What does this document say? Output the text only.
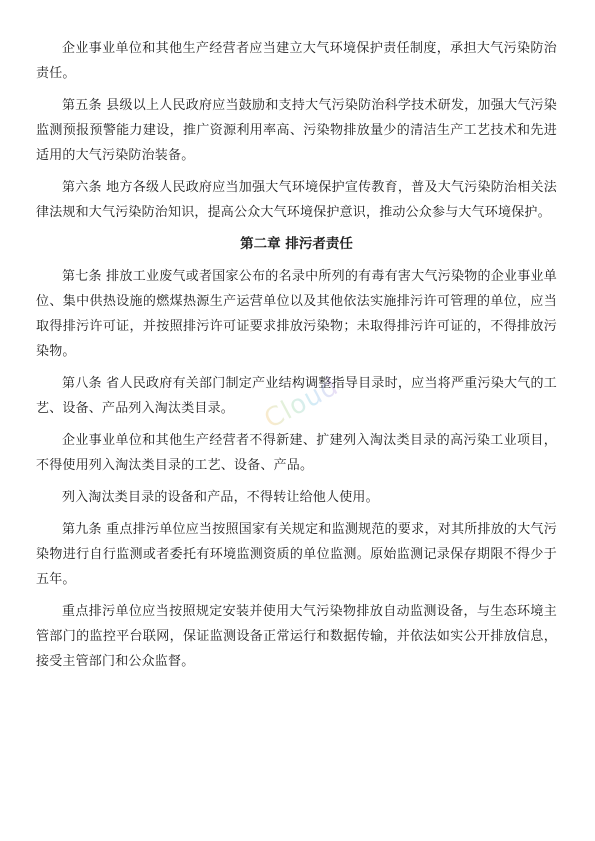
企业事业单位和其他生产经营者应当建立大气环境保护责任制度，承担大气污染防治责任。

第五条 县级以上人民政府应当鼓励和支持大气污染防治科学技术研发，加强大气污染监测预报预警能力建设，推广资源利用率高、污染物排放量少的清洁生产工艺技术和先进适用的大气污染防治装备。

第六条 地方各级人民政府应当加强大气环境保护宣传教育，普及大气污染防治相关法律法规和大气污染防治知识，提高公众大气环境保护意识，推动公众参与大气环境保护。

第二章 排污者责任

第七条 排放工业废气或者国家公布的名录中所列的有毒有害大气污染物的企业事业单位、集中供热设施的燃煤热源生产运营单位以及其他依法实施排污许可管理的单位，应当取得排污许可证，并按照排污许可证要求排放污染物；未取得排污许可证的，不得排放污染物。

第八条 省人民政府有关部门制定产业结构调整指导目录时，应当将严重污染大气的工艺、设备、产品列入淘汰类目录。

企业事业单位和其他生产经营者不得新建、扩建列入淘汰类目录的高污染工业项目，不得使用列入淘汰类目录的工艺、设备、产品。

列入淘汰类目录的设备和产品，不得转让给他人使用。

第九条 重点排污单位应当按照国家有关规定和监测规范的要求，对其所排放的大气污染物进行自行监测或者委托有环境监测资质的单位监测。原始监测记录保存期限不得少于五年。

重点排污单位应当按照规定安装并使用大气污染物排放自动监测设备，与生态环境主管部门的监控平台联网，保证监测设备正常运行和数据传输，并依法如实公开排放信息，接受主管部门和公众监督。

Cloud
